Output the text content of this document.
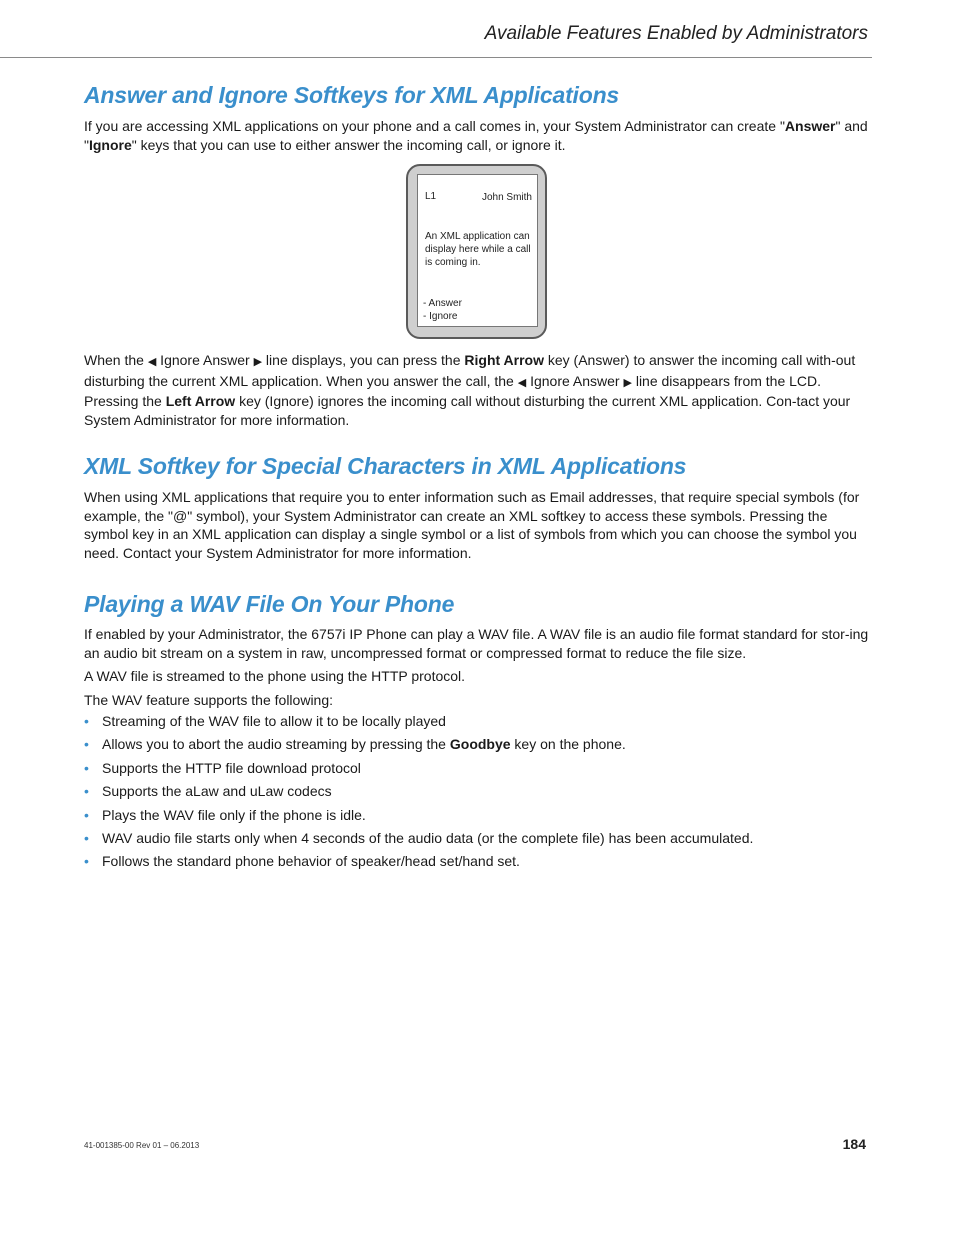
Available Features Enabled by Administrators
Answer and Ignore Softkeys for XML Applications

If you are accessing XML applications on your phone and a call comes in, your System Administrator can create "Answer" and "Ignore" keys that you can use to either answer the incoming call, or ignore it.

L1	John Smith
An XML application can display here while a call is coming in.
- Answer
- Ignore

When the ◀ Ignore Answer ▶ line displays, you can press the Right Arrow key (Answer) to answer the incoming call with-out disturbing the current XML application. When you answer the call, the ◀ Ignore Answer ▶ line disappears from the LCD. Pressing the Left Arrow key (Ignore) ignores the incoming call without disturbing the current XML application. Con-tact your System Administrator for more information.

XML Softkey for Special Characters in XML Applications

When using XML applications that require you to enter information such as Email addresses, that require special symbols (for example, the "@" symbol), your System Administrator can create an XML softkey to access these symbols. Pressing the symbol key in an XML application can display a single symbol or a list of symbols from which you can choose the symbol you need. Contact your System Administrator for more information.

Playing a WAV File On Your Phone

If enabled by your Administrator, the 6757i IP Phone can play a WAV file. A WAV file is an audio file format standard for stor-ing an audio bit stream on a system in raw, uncompressed format or compressed format to reduce the file size.

A WAV file is streamed to the phone using the HTTP protocol.

The WAV feature supports the following:

• Streaming of the WAV file to allow it to be locally played
• Allows you to abort the audio streaming by pressing the Goodbye key on the phone.
• Supports the HTTP file download protocol
• Supports the aLaw and uLaw codecs
• Plays the WAV file only if the phone is idle.
• WAV audio file starts only when 4 seconds of the audio data (or the complete file) has been accumulated.
• Follows the standard phone behavior of speaker/head set/hand set.
41-001385-00 Rev 01 – 06.2013	184
